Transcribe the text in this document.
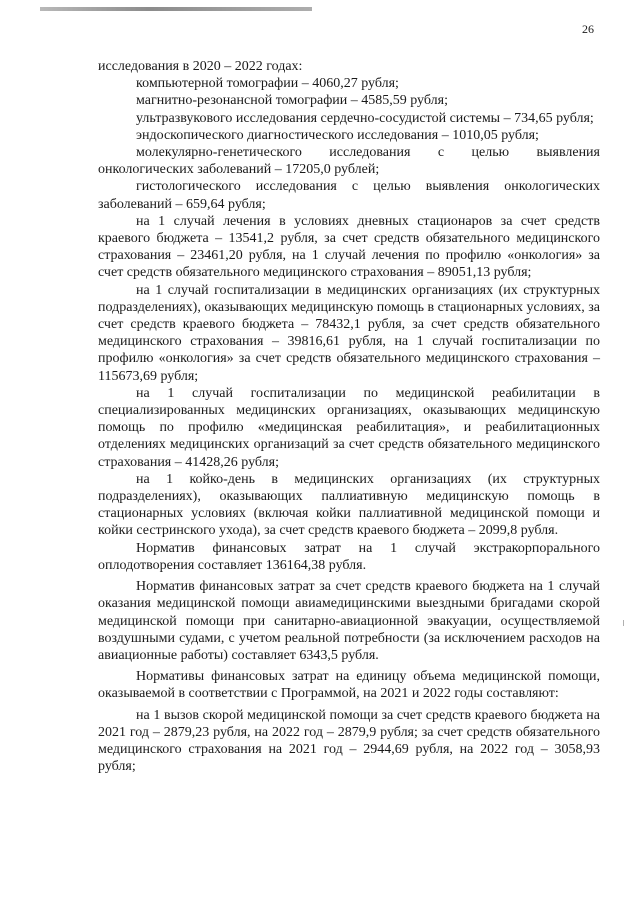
26

исследования в 2020 – 2022 годах:

компьютерной томографии – 4060,27 рубля;

магнитно-резонансной томографии – 4585,59 рубля;

ультразвукового исследования сердечно-сосудистой системы – 734,65 рубля;

эндоскопического диагностического исследования – 1010,05 рубля;

молекулярно-генетического исследования с целью выявления онкологических заболеваний – 17205,0 рублей;

гистологического исследования с целью выявления онкологических заболеваний – 659,64 рубля;

на 1 случай лечения в условиях дневных стационаров за счет средств краевого бюджета – 13541,2 рубля, за счет средств обязательного медицинского страхования – 23461,20 рубля, на 1 случай лечения по профилю «онкология» за счет средств обязательного медицинского страхования – 89051,13 рубля;

на 1 случай госпитализации в медицинских организациях (их структурных подразделениях), оказывающих медицинскую помощь в стационарных условиях, за счет средств краевого бюджета – 78432,1 рубля, за счет средств обязательного медицинского страхования – 39816,61 рубля, на 1 случай госпитализации по профилю «онкология» за счет средств обязательного медицинского страхования – 115673,69 рубля;

на 1 случай госпитализации по медицинской реабилитации в специализированных медицинских организациях, оказывающих медицинскую помощь по профилю «медицинская реабилитация», и реабилитационных отделениях медицинских организаций за счет средств обязательного медицинского страхования – 41428,26 рубля;

на 1 койко-день в медицинских организациях (их структурных подразделениях), оказывающих паллиативную медицинскую помощь в стационарных условиях (включая койки паллиативной медицинской помощи и койки сестринского ухода), за счет средств краевого бюджета – 2099,8 рубля.

Норматив финансовых затрат на 1 случай экстракорпорального оплодотворения составляет 136164,38 рубля.

Норматив финансовых затрат за счет средств краевого бюджета на 1 случай оказания медицинской помощи авиамедицинскими выездными бригадами скорой медицинской помощи при санитарно-авиационной эвакуации, осуществляемой воздушными судами, с учетом реальной потребности (за исключением расходов на авиационные работы) составляет 6343,5 рубля.

Нормативы финансовых затрат на единицу объема медицинской помощи, оказываемой в соответствии с Программой, на 2021 и 2022 годы составляют:

на 1 вызов скорой медицинской помощи за счет средств краевого бюджета на 2021 год – 2879,23 рубля, на 2022 год – 2879,9 рубля; за счет средств обязательного медицинского страхования на 2021 год – 2944,69 рубля, на 2022 год – 3058,93 рубля;
